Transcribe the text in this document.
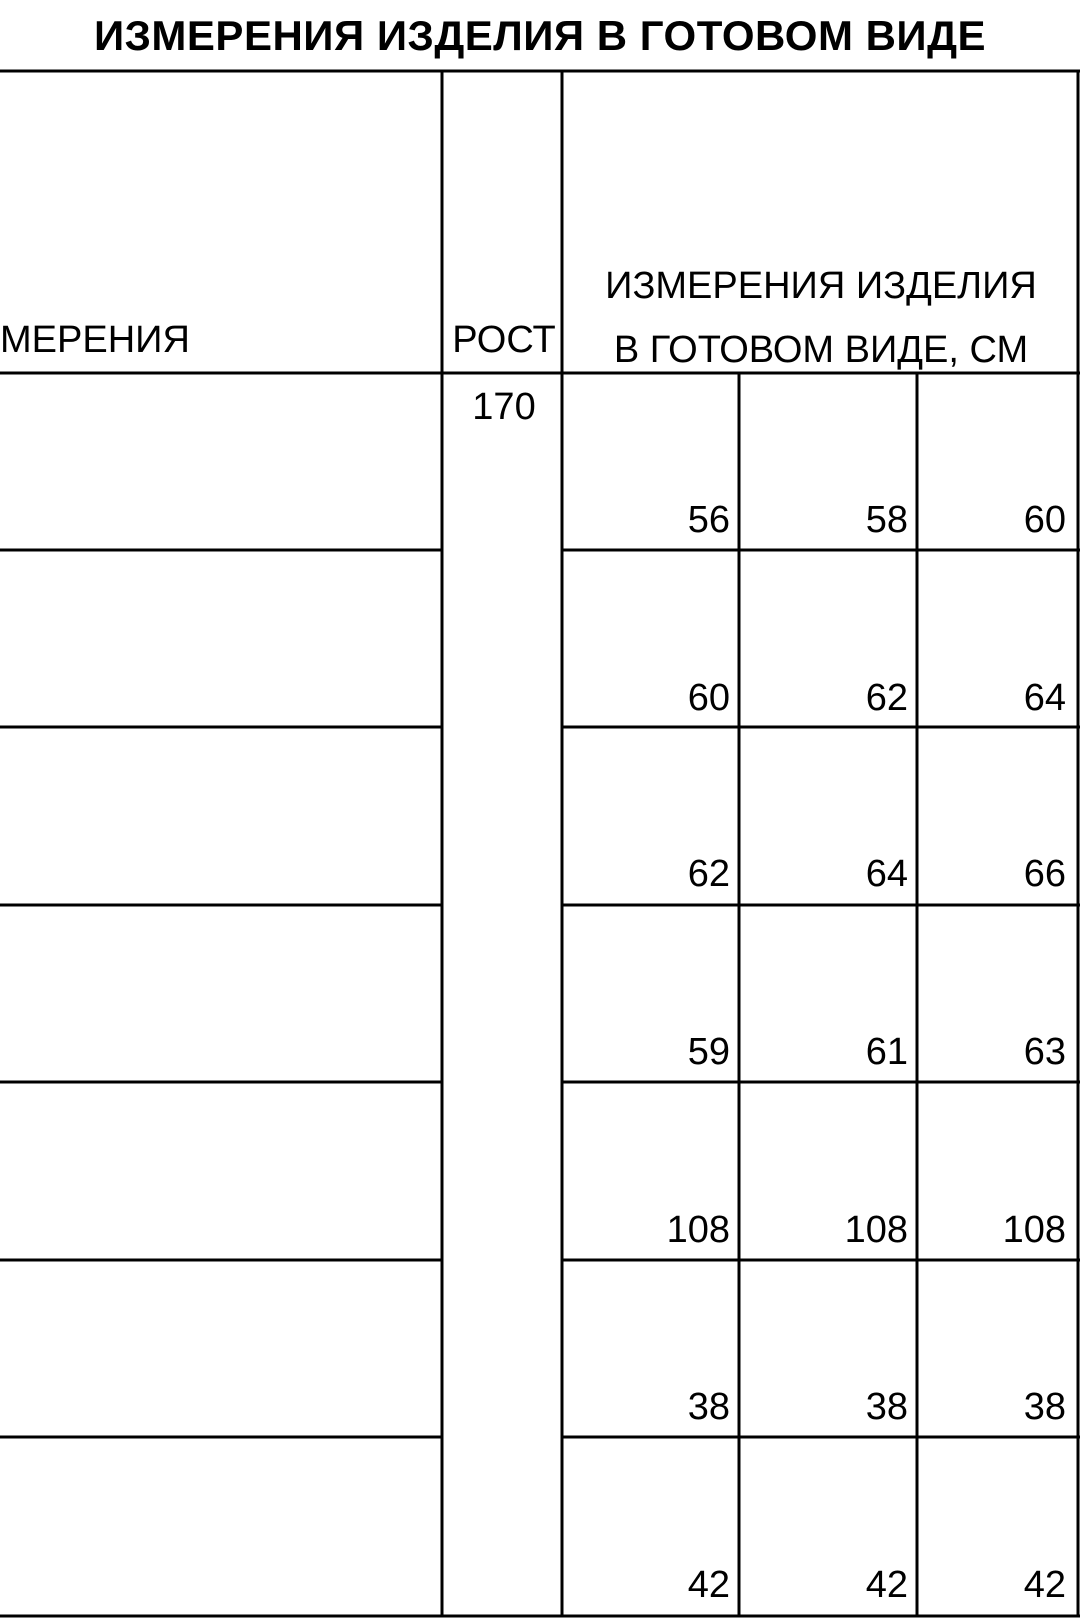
ИЗМЕРЕНИЯ ИЗДЕЛИЯ В ГОТОВОМ ВИДЕ
МЕРЕНИЯ	РОСТ
ИЗМЕРЕНИЯ ИЗДЕЛИЯ
В ГОТОВОМ ВИДЕ, СМ
170
56	58	60
60	62	64
62	64	66
59	61	63
108	108	108
38	38	38
42	42	42
